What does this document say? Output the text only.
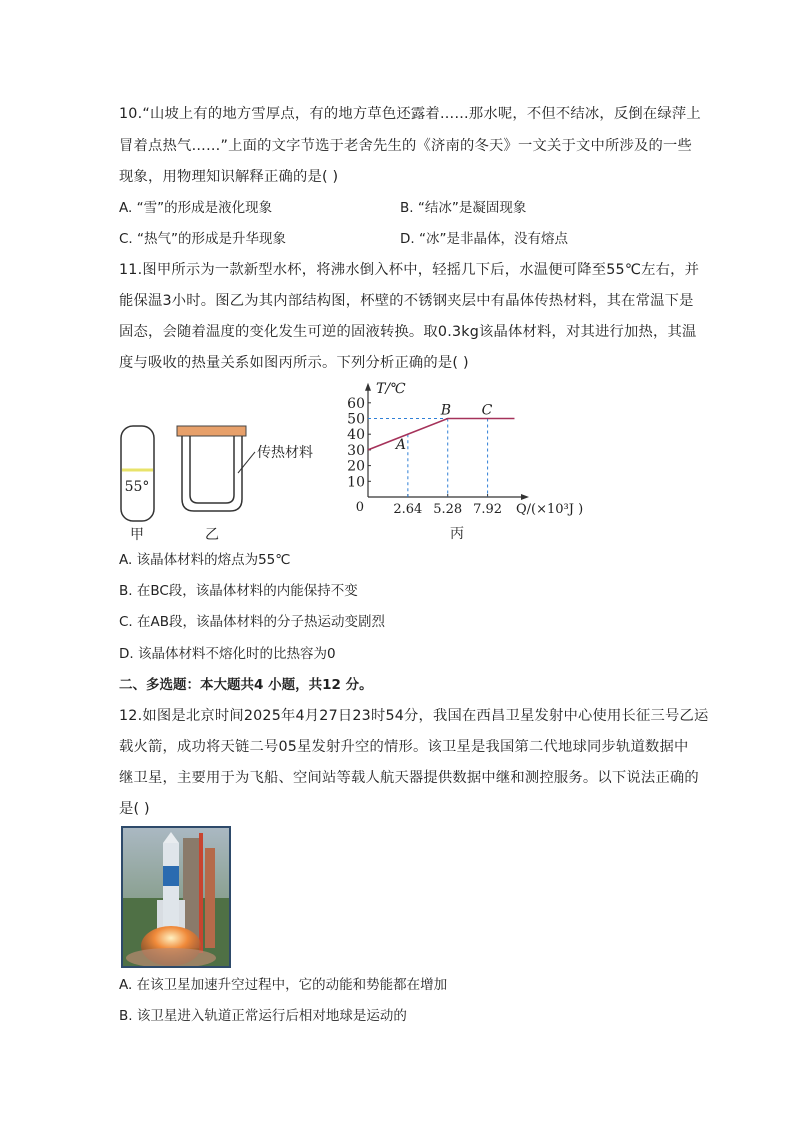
10.“山坡上有的地方雪厚点，有的地方草色还露着……那水呢，不但不结冰，反倒在绿萍上
冒着点热气……”上面的文字节选于老舍先生的《济南的冬天》一文关于文中所涉及的一些
现象，用物理知识解释正确的是( )
A. “雪”的形成是液化现象	B. “结冰”是凝固现象
C. “热气”的形成是升华现象	D. “冰”是非晶体，没有熔点
11.图甲所示为一款新型水杯，将沸水倒入杯中，轻摇几下后，水温便可降至55℃左右，并
能保温3小时。图乙为其内部结构图，杯壁的不锈钢夹层中有晶体传热材料，其在常温下是
固态，会随着温度的变化发生可逆的固液转换。取0.3kg该晶体材料，对其进行加热，其温
度与吸收的热量关系如图丙所示。下列分析正确的是( )
55°
传热材料
甲	乙
T/℃
Q/(×10³J )
0
10
20
30
40
50
60
2.64 5.28 7.92
A
B C
丙
A. 该晶体材料的熔点为55℃
B. 在BC段，该晶体材料的内能保持不变
C. 在AB段，该晶体材料的分子热运动变剧烈
D. 该晶体材料不熔化时的比热容为0
二、多选题：本大题共4 小题，共12 分。
12.如图是北京时间2025年4月27日23时54分，我国在西昌卫星发射中心使用长征三号乙运
载火箭，成功将天链二号05星发射升空的情形。该卫星是我国第二代地球同步轨道数据中
继卫星，主要用于为飞船、空间站等载人航天器提供数据中继和测控服务。以下说法正确的
是( )
A. 在该卫星加速升空过程中，它的动能和势能都在增加
B. 该卫星进入轨道正常运行后相对地球是运动的
